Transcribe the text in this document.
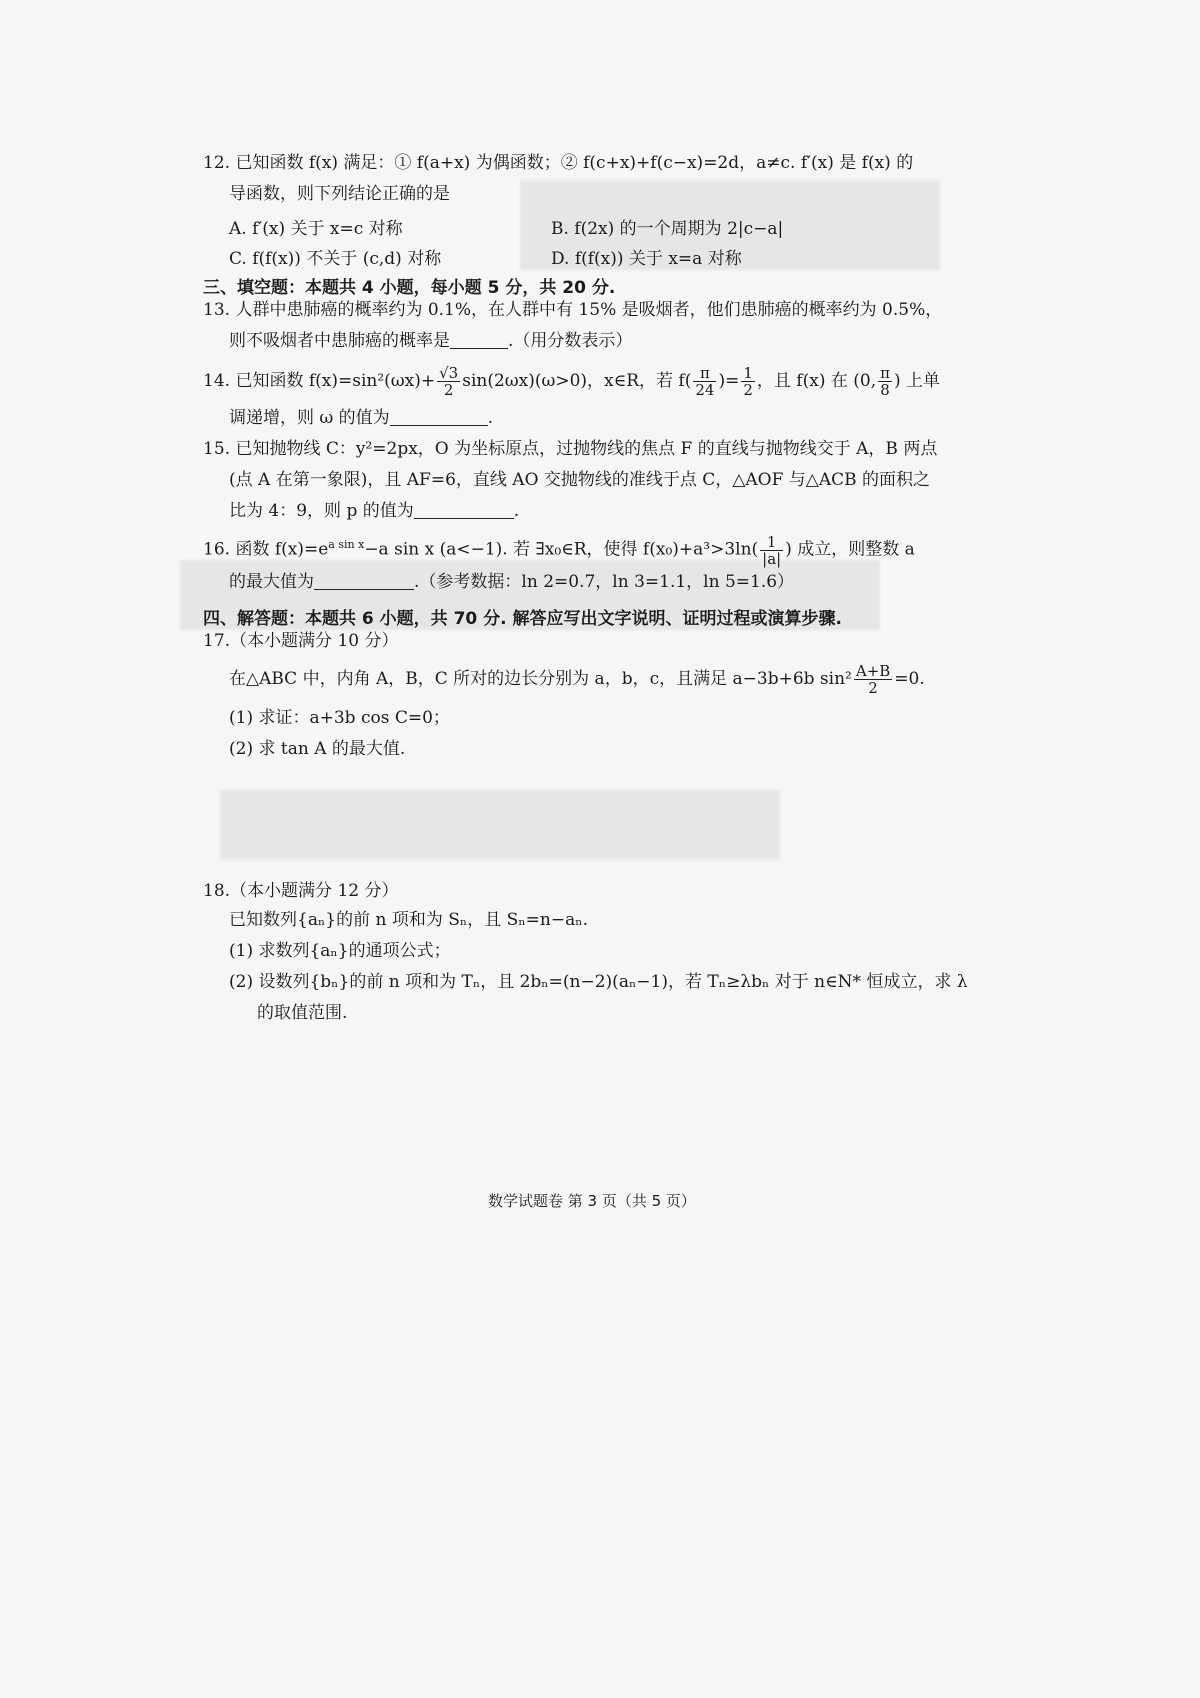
12. 已知函数 f(x) 满足：① f(a+x) 为偶函数；② f(c+x)+f(c−x)=2d，a≠c. f′(x) 是 f(x) 的
导函数，则下列结论正确的是
A. f′(x) 关于 x=c 对称	B. f(2x) 的一个周期为 2|c−a|
C. f(f(x)) 不关于 (c,d) 对称	D. f(f(x)) 关于 x=a 对称
三、填空题：本题共 4 小题，每小题 5 分，共 20 分.
13. 人群中患肺癌的概率约为 0.1%，在人群中有 15% 是吸烟者，他们患肺癌的概率约为 0.5%，
则不吸烟者中患肺癌的概率是	.（用分数表示）
14. 已知函数 $f(x)=\sin^2(\omega x)+ \frac{√3}{2} \sin(2\omega x)(\omega>0)$，x∈R，若 $f( \frac{\pi}{24}$ )= $\frac{1}{2}$ ，且 f(x) 在 (0, $\frac{\pi}{8}$ ) 上单
调递增，则 ω 的值为	.
15. 已知抛物线 C：y²=2px，O 为坐标原点，过抛物线的焦点 F 的直线与抛物线交于 A，B 两点
(点 A 在第一象限)，且 AF=6，直线 AO 交抛物线的准线于点 C，△AOF 与△ACB 的面积之
比为 4：9，则 p 的值为	.
16. 函数 $f(x)=e^{a sin x}-a$ sin x (a<−1). 若 ∃x₀∈R，使得 $f(x_0)+a^3>3\ln( \frac{1}{|a|}$ ) 成立，则整数 a
的最大值为	.（参考数据：ln 2=0.7，ln 3=1.1，ln 5=1.6）
四、解答题：本题共 6 小题，共 70 分. 解答应写出文字说明、证明过程或演算步骤.
17.（本小题满分 10 分）
在△ABC 中，内角 A，B，C 所对的边长分别为 a，b，c，且满足 a−3b+6b $\sin^2 \frac{A+B}{2} =0$.
(1) 求证：a+3b cos C=0；
(2) 求 tan A 的最大值.
18.（本小题满分 12 分）
已知数列{aₙ}的前 n 项和为 Sₙ，且 Sₙ=n−aₙ.
(1) 求数列{aₙ}的通项公式；
(2) 设数列{bₙ}的前 n 项和为 Tₙ，且 2bₙ=(n−2)(aₙ−1)，若 Tₙ≥λbₙ 对于 n∈N* 恒成立，求 λ
的取值范围.
数学试题卷 第 3 页（共 5 页）
